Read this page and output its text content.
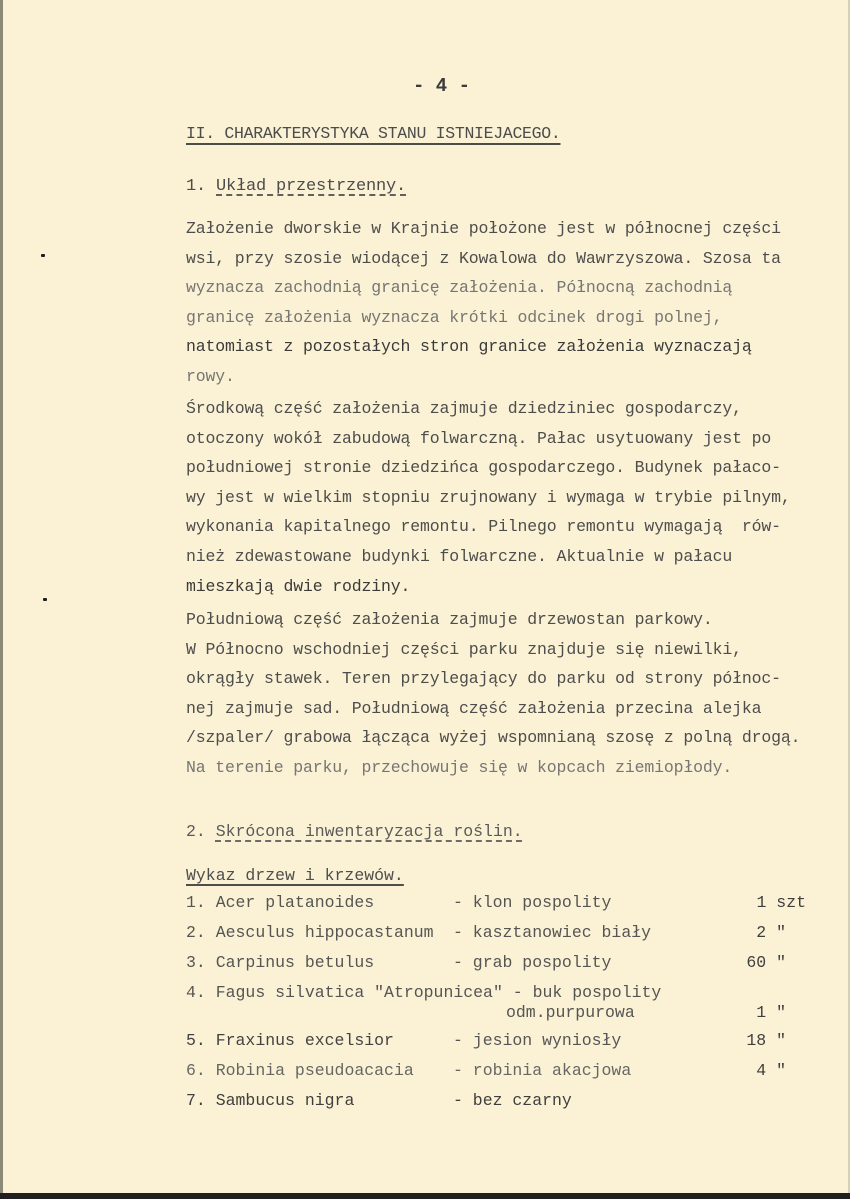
- 4 -
II. CHARAKTERYSTYKA STANU ISTNIEJACEGO.
1. Układ przestrzenny.
Założenie dworskie w Krajnie położone jest w północnej części
wsi, przy szosie wiodącej z Kowalowa do Wawrzyszowa. Szosa ta
wyznacza zachodnią granicę założenia. Północną zachodnią
granicę założenia wyznacza krótki odcinek drogi polnej,
natomiast z pozostałych stron granice założenia wyznaczają
rowy.
Środkową część założenia zajmuje dziedziniec gospodarczy,
otoczony wokół zabudową folwarczną. Pałac usytuowany jest po
południowej stronie dziedzińca gospodarczego. Budynek pałaco-
wy jest w wielkim stopniu zrujnowany i wymaga w trybie pilnym,
wykonania kapitalnego remontu. Pilnego remontu wymagają  rów-
nież zdewastowane budynki folwarczne. Aktualnie w pałacu
mieszkają dwie rodziny.
Południową część założenia zajmuje drzewostan parkowy.
W Północno wschodniej części parku znajduje się niewilki,
okrągły stawek. Teren przylegający do parku od strony północ-
nej zajmuje sad. Południową część założenia przecina alejka
/szpaler/ grabowa łącząca wyżej wspomnianą szosę z polną drogą.
Na terenie parku, przechowuje się w kopcach ziemiopłody.
2. Skrócona inwentaryzacja roślin.
Wykaz drzew i krzewów.
1. Acer platanoides	- klon pospolity	1 szt
2. Aesculus hippocastanum - kasztanowiec biały	2 "
3. Carpinus betulus	- grab pospolity	60 "
4. Fagus silvatica "Atropunicea" - buk pospolity
odm.purpurowa	1 "
5. Fraxinus excelsior	- jesion wyniosły	18 "
6. Robinia pseudoacacia - robinia akacjowa	4 "
7. Sambucus nigra	- bez czarny
